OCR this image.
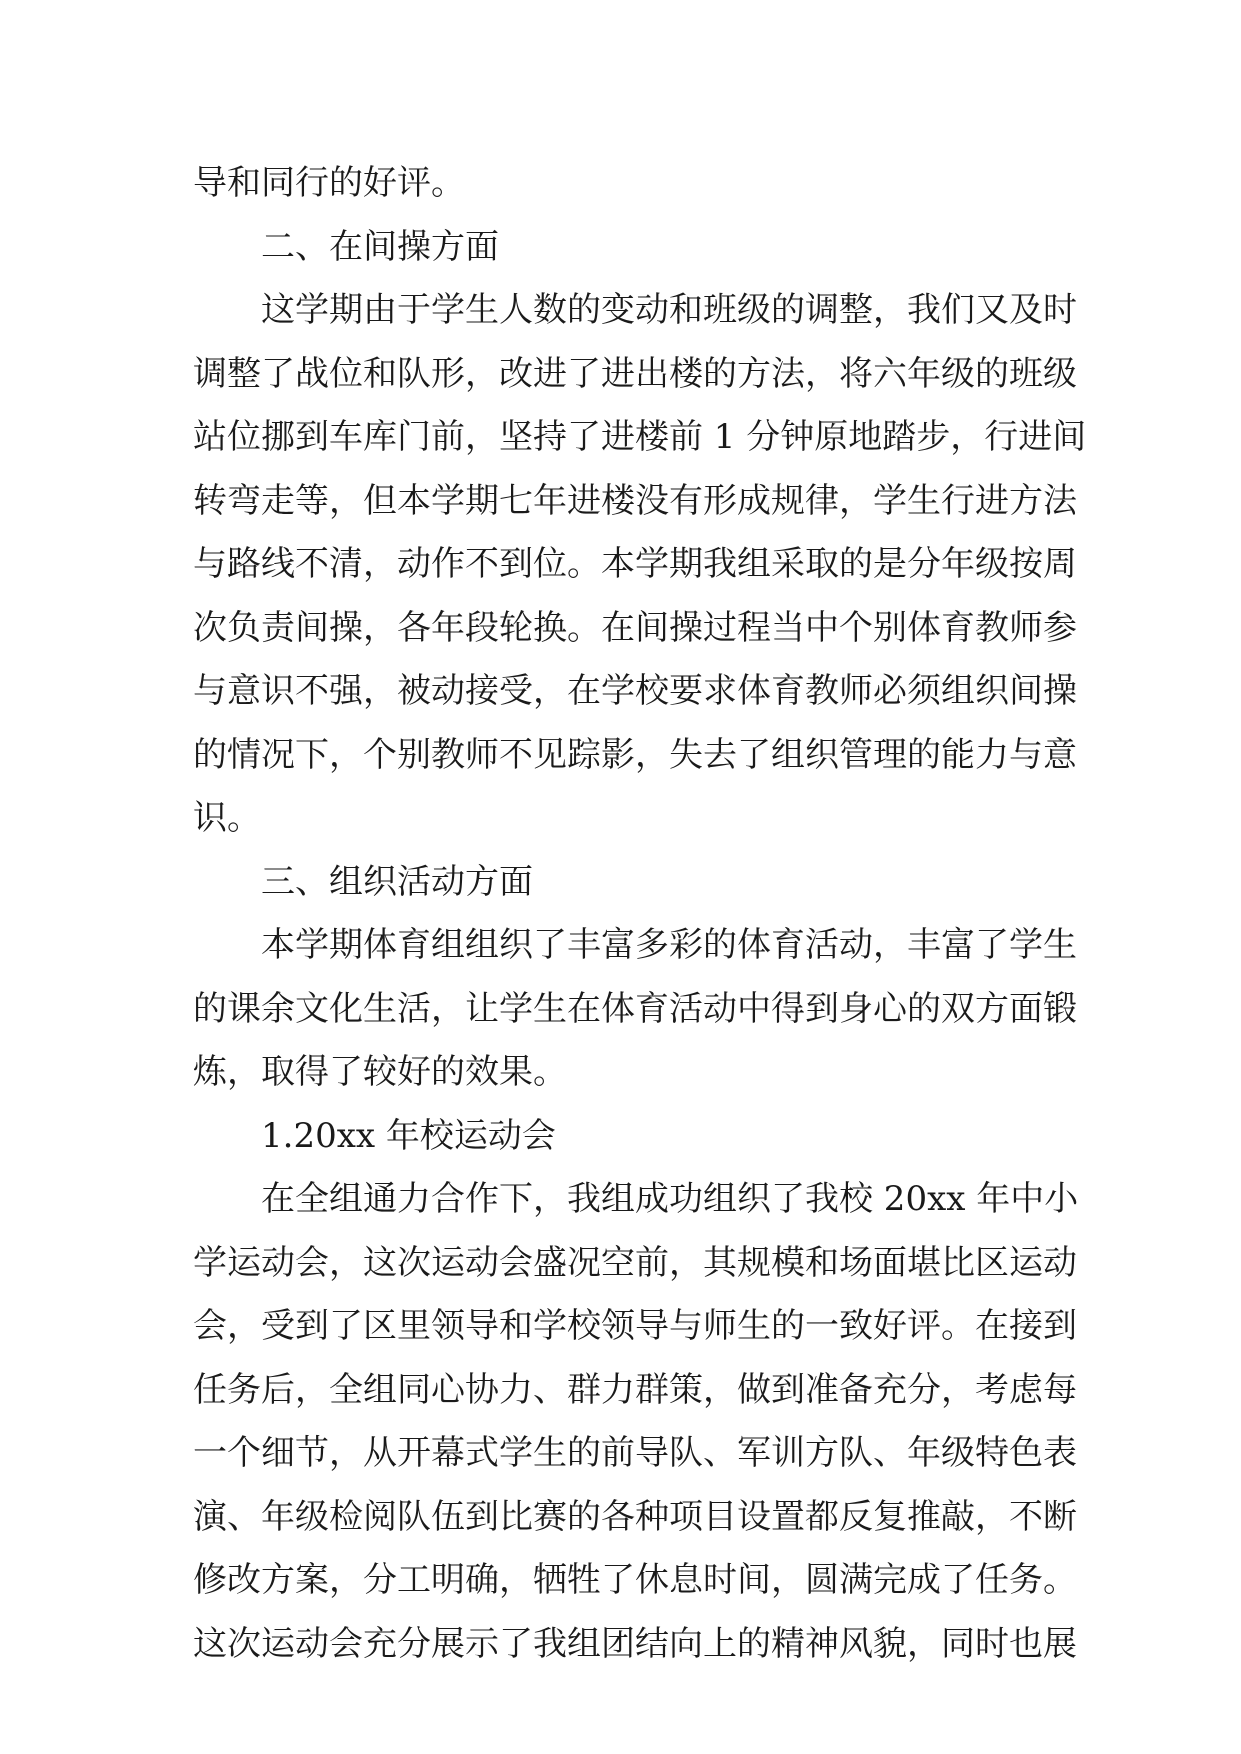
导和同行的好评。
二、在间操方面
这学期由于学生人数的变动和班级的调整，我们又及时
调整了战位和队形，改进了进出楼的方法，将六年级的班级
站位挪到车库门前，坚持了进楼前 1 分钟原地踏步，行进间
转弯走等，但本学期七年进楼没有形成规律，学生行进方法
与路线不清，动作不到位。本学期我组采取的是分年级按周
次负责间操，各年段轮换。在间操过程当中个别体育教师参
与意识不强，被动接受，在学校要求体育教师必须组织间操
的情况下，个别教师不见踪影，失去了组织管理的能力与意
识。
三、组织活动方面
本学期体育组组织了丰富多彩的体育活动，丰富了学生
的课余文化生活，让学生在体育活动中得到身心的双方面锻
炼，取得了较好的效果。
1.20xx 年校运动会
在全组通力合作下，我组成功组织了我校 20xx 年中小
学运动会，这次运动会盛况空前，其规模和场面堪比区运动
会，受到了区里领导和学校领导与师生的一致好评。在接到
任务后，全组同心协力、群力群策，做到准备充分，考虑每
一个细节，从开幕式学生的前导队、军训方队、年级特色表
演、年级检阅队伍到比赛的各种项目设置都反复推敲，不断
修改方案，分工明确，牺牲了休息时间，圆满完成了任务。
这次运动会充分展示了我组团结向上的精神风貌，同时也展
